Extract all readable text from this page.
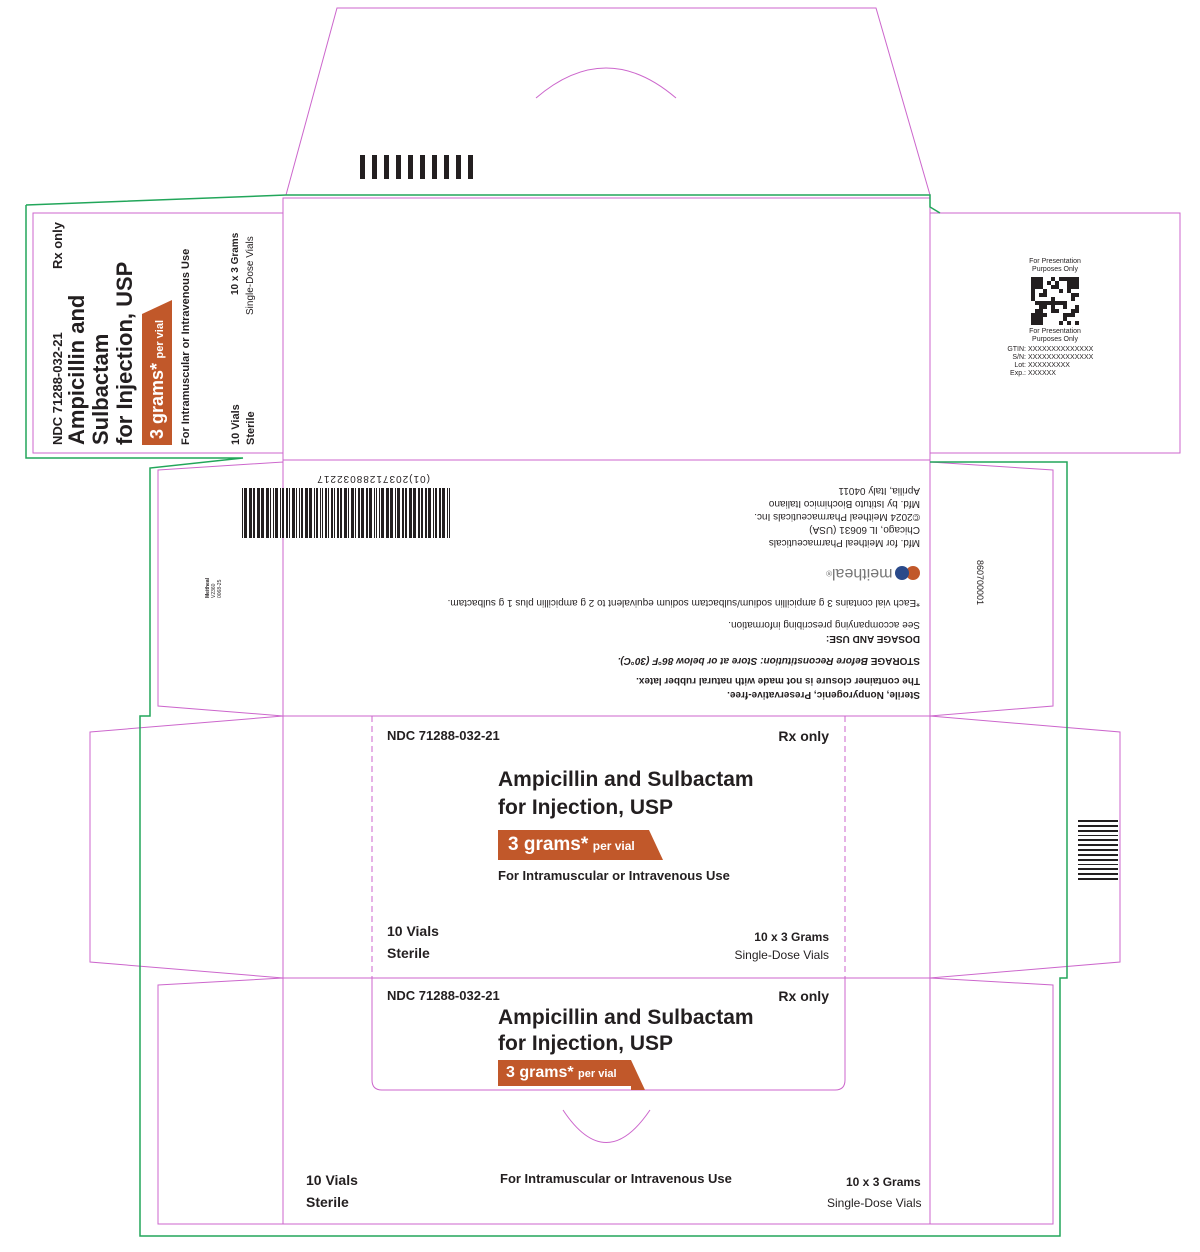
NDC 71288-032-21
Rx only
Ampicillin and Sulbactam for Injection, USP 3 grams* per vial	For Intramuscular or Intravenous Use	10 Vials Sterile
10 x 3 Grams Single-Dose Vials	For Presentation
Purposes Only
For Presentation
Purposes Only
GTIN: XXXXXXXXXXXXXX
S/N: XXXXXXXXXXXXXX
Lot: XXXXXXXXX
Exp.: XXXXXX
Sterile, Nonpyrogenic, Preservative-free.
The container closure is not made with natural rubber latex.
STORAGE Before Reconstitution: Store at or below 86°F (30°C).
DOSAGE AND USE:
See accompanying prescribing information.
*Each vial contains 3 g ampicillin sodium/sulbactam sodium equivalent to 2 g ampicillin plus 1 g sulbactam.
meitheal®
Mfd. for Meitheal Pharmaceuticals
Chicago, IL 60631 (USA)
©2024 Meitheal Pharmaceuticals Inc.
Mfd. by Istituto Biochimico Italiano
Aprilia, Italy 04011
(01)20371288032217
860700001
Meitheal V2360 0068-25
NDC 71288-032-21	Rx only
Ampicillin and Sulbactam
for Injection, USP
3 grams* per vial
For Intramuscular or Intravenous Use
10 Vials
Sterile
10 x 3 Grams
Single-Dose Vials
NDC 71288-032-21	Rx only
Ampicillin and Sulbactam
for Injection, USP
3 grams* per vial
For Intramuscular or Intravenous Use
10 Vials
Sterile
10 x 3 Grams
Single-Dose Vials
